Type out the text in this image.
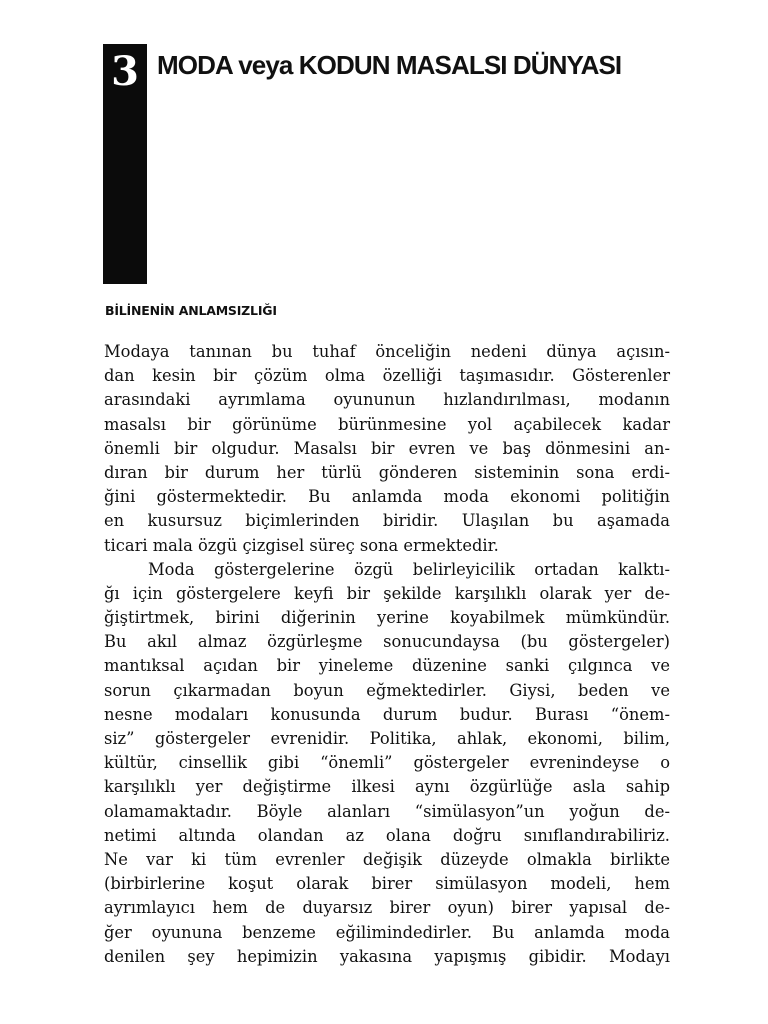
3 MODA veya KODUN MASALSI DÜNYASI
BİLİNENİN ANLAMSIZLIĞI
Modaya tanınan bu tuhaf önceliğin nedeni dünya açısın-
dan kesin bir çözüm olma özelliği taşımasıdır. Gösterenler
arasındaki ayrımlama oyununun hızlandırılması, modanın
masalsı bir görünüme bürünmesine yol açabilecek kadar
önemli bir olgudur. Masalsı bir evren ve baş dönmesini an-
dıran bir durum her türlü gönderen sisteminin sona erdi-
ğini göstermektedir. Bu anlamda moda ekonomi politiğin
en kusursuz biçimlerinden biridir. Ulaşılan bu aşamada
ticari mala özgü çizgisel süreç sona ermektedir.
Moda göstergelerine özgü belirleyicilik ortadan kalktı-
ğı için göstergelere keyfi bir şekilde karşılıklı olarak yer de-
ğiştirtmek, birini diğerinin yerine koyabilmek mümkündür.
Bu akıl almaz özgürleşme sonucundaysa (bu göstergeler)
mantıksal açıdan bir yineleme düzenine sanki çılgınca ve
sorun çıkarmadan boyun eğmektedirler. Giysi, beden ve
nesne modaları konusunda durum budur. Burası “önem-
siz” göstergeler evrenidir. Politika, ahlak, ekonomi, bilim,
kültür, cinsellik gibi “önemli” göstergeler evrenindeyse o
karşılıklı yer değiştirme ilkesi aynı özgürlüğe asla sahip
olamamaktadır. Böyle alanları “simülasyon”un yoğun de-
netimi altında olandan az olana doğru sınıflandırabiliriz.
Ne var ki tüm evrenler değişik düzeyde olmakla birlikte
(birbirlerine koşut olarak birer simülasyon modeli, hem
ayrımlayıcı hem de duyarsız birer oyun) birer yapısal de-
ğer oyununa benzeme eğilimindedirler. Bu anlamda moda
denilen şey hepimizin yakasına yapışmış gibidir. Modayı
